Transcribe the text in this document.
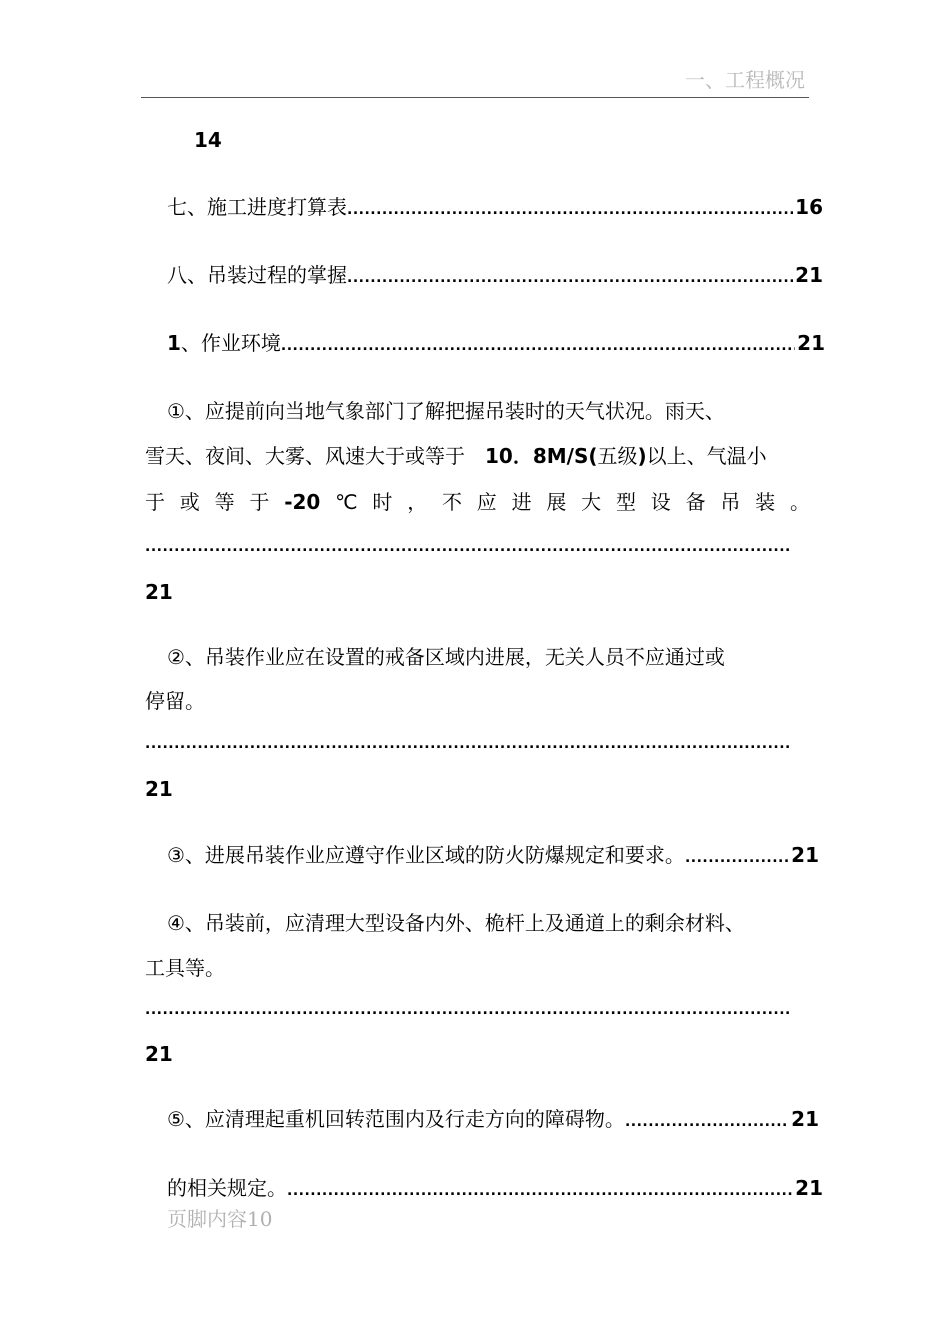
一、工程概况
14
七、施工进度打算表 .....	16
八、吊装过程的掌握 .....	21
1、作业环境 .....	21
①、应提前向当地气象部门了解把握吊装时的天气状况。雨天、
雪天、夜间、大雾、风速大于或等于 10．8M/S(五级)以上、气温小
于 或 等 于 -20 ℃ 时 ， 不 应 进 展 大 型 设 备 吊 装 。
.....
21
②、吊装作业应在设置的戒备区域内进展，无关人员不应通过或
停留。
.....
21
③、进展吊装作业应遵守作业区域的防火防爆规定和要求。 .....	21
④、吊装前，应清理大型设备内外、桅杆上及通道上的剩余材料、
工具等。
.....
21
⑤、应清理起重机回转范围内及行走方向的障碍物。 .....	21
的相关规定。 .....	21
页脚内容10
